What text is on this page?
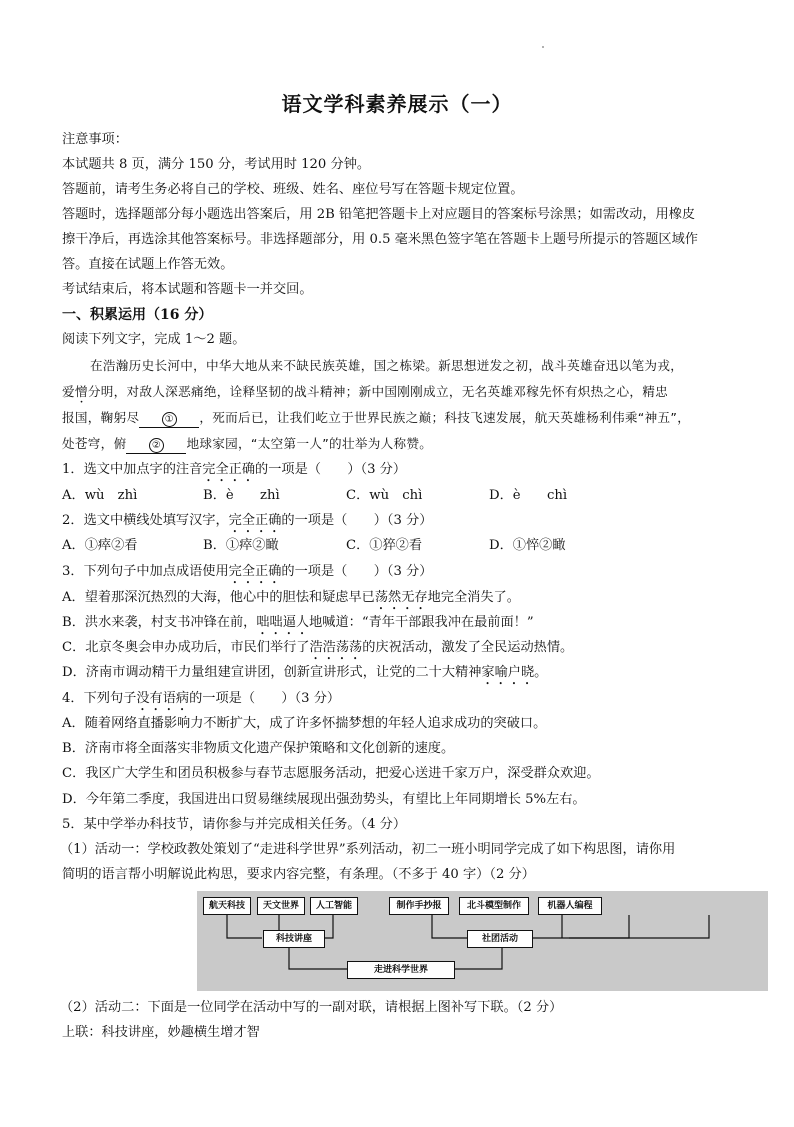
语文学科素养展示（一）
注意事项：
本试题共 8 页，满分 150 分，考试用时 120 分钟。
答题前，请考生务必将自己的学校、班级、姓名、座位号写在答题卡规定位置。
答题时，选择题部分每小题选出答案后，用 2B 铅笔把答题卡上对应题目的答案标号涂黑；如需改动，用橡皮
擦干净后，再选涂其他答案标号。非选择题部分，用 0.5 毫米黑色签字笔在答题卡上题号所提示的答题区域作
答。直接在试题上作答无效。
考试结束后，将本试题和答题卡一并交回。
一、积累运用（16 分）
阅读下列文字，完成 1～2 题。
在浩瀚历史长河中，中华大地从来不缺民族英雄，国之栋梁。新思想迸发之初，战斗英雄奋迅以笔为戎，
爱憎分明，对敌人深恶痛绝，诠释坚韧的战斗精神；新中国刚刚成立，无名英雄邓稼先怀有炽热之心，精忠
报国，鞠躬尽	① ，死而后已，让我们屹立于世界民族之巅；科技飞速发展，航天英雄杨利伟乘“神五”，
处苍穹，俯	② 地球家园，“太空第一人”的壮举为人称赞。
1．选文中加点字的注音完全正确的一项是（　　）（3 分）
A．wù　zhì	B．è　　zhì	C．wù　chì	D．è　　chì
2．选文中横线处填写汉字，完全正确的一项是（　　）（3 分）
A．①瘁②看	B．①瘁②瞰	C．①猝②看	D．①悴②瞰
3．下列句子中加点成语使用完全正确的一项是（　　）（3 分）
A．望着那深沉热烈的大海，他心中的胆怯和疑虑早已荡然无存地完全消失了。
B．洪水来袭，村支书冲锋在前，咄咄逼人地喊道：“青年干部跟我冲在最前面！”
C．北京冬奥会申办成功后，市民们举行了浩浩荡荡的庆祝活动，激发了全民运动热情。
D．济南市调动精干力量组建宣讲团，创新宣讲形式，让党的二十大精神家喻户晓。
4．下列句子没有语病的一项是（　　）（3 分）
A．随着网络直播影响力不断扩大，成了许多怀揣梦想的年轻人追求成功的突破口。
B．济南市将全面落实非物质文化遗产保护策略和文化创新的速度。
C．我区广大学生和团员积极参与春节志愿服务活动，把爱心送进千家万户，深受群众欢迎。
D．今年第二季度，我国进出口贸易继续展现出强劲势头，有望比上年同期增长 5%左右。
5．某中学举办科技节，请你参与并完成相关任务。（4 分）
（1）活动一：学校政教处策划了“走进科学世界”系列活动，初二一班小明同学完成了如下构思图，请你用
简明的语言帮小明解说此构思，要求内容完整，有条理。（不多于 40 字）（2 分）
航天科技	天文世界	人工智能
科技讲座
制作手抄报	北斗模型制作	机器人编程
社团活动
走进科学世界
（2）活动二：下面是一位同学在活动中写的一副对联，请根据上图补写下联。（2 分）
上联：科技讲座，妙趣横生增才智
